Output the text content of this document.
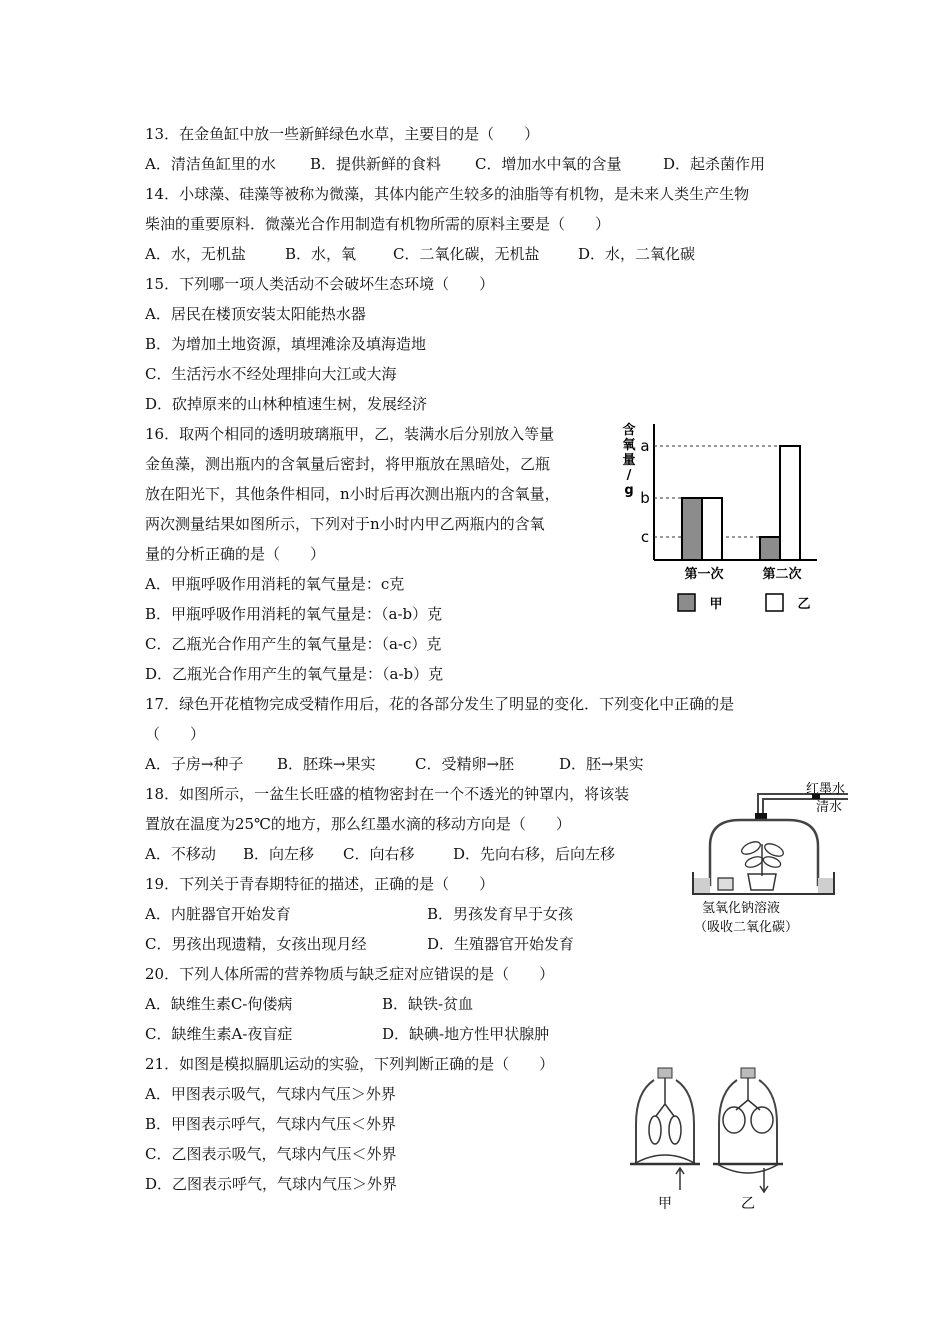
13．在金鱼缸中放一些新鲜绿色水草，主要目的是（　　）

A．清洁鱼缸里的水

B．提供新鲜的食料

C．增加水中氧的含量

	D．起杀菌作用

14．小球藻、硅藻等被称为微藻，其体内能产生较多的油脂等有机物，是未来人类生产生物
柴油的重要原料．微藻光合作用制造有机物所需的原料主要是（　　）

A．水，无机盐

	B．水，氧

C．二氧化碳，无机盐

	D．水，二氧化碳

15．下列哪一项人类活动不会破坏生态环境（　　）
A．居民在楼顶安装太阳能热水器
B．为增加土地资源，填埋滩涂及填海造地
C．生活污水不经处理排向大江或大海
D．砍掉原来的山林种植速生树，发展经济
16．取两个相同的透明玻璃瓶甲，乙，装满水后分别放入等量
金鱼藻，测出瓶内的含氧量后密封，将甲瓶放在黑暗处，乙瓶
放在阳光下，其他条件相同，n小时后再次测出瓶内的含氧量，
两次测量结果如图所示，下列对于n小时内甲乙两瓶内的含氧
量的分析正确的是（　　）
A．甲瓶呼吸作用消耗的氧气量是：c克
B．甲瓶呼吸作用消耗的氧气量是：（a-b）克
C．乙瓶光合作用产生的氧气量是：（a-c）克
D．乙瓶光合作用产生的氧气量是：（a-b）克
含
氧
量
/
g
a
b
c
第一次	第二次
甲	乙
17．绿色开花植物完成受精作用后，花的各部分发生了明显的变化．下列变化中正确的是
（　　）

A．子房→种子

B．胚珠→果实

	C．受精卵→胚

	D．胚→果实

18．如图所示，一盆生长旺盛的植物密封在一个不透光的钟罩内，将该装
置放在温度为25℃的地方，那么红墨水滴的移动方向是（　　）

A．不移动

B．向左移

C．向右移

	D．先向右移，后向左移

红墨水
清水
氢氧化钠溶液
（吸收二氧化碳）
19．下列关于青春期特征的描述，正确的是（　　）

A．内脏器官开始发育

	B．男孩发育早于女孩

C．男孩出现遗精，女孩出现月经

	D．生殖器官开始发育

20．下列人体所需的营养物质与缺乏症对应错误的是（　　）

A．缺维生素C-佝偻病

	B．缺铁-贫血

C．缺维生素A-夜盲症

	D．缺碘-地方性甲状腺肿

21．如图是模拟膈肌运动的实验，下列判断正确的是（　　）
A．甲图表示吸气，气球内气压＞外界
B．甲图表示呼气，气球内气压＜外界
C．乙图表示吸气，气球内气压＜外界
D．乙图表示呼气，气球内气压＞外界
甲	乙
